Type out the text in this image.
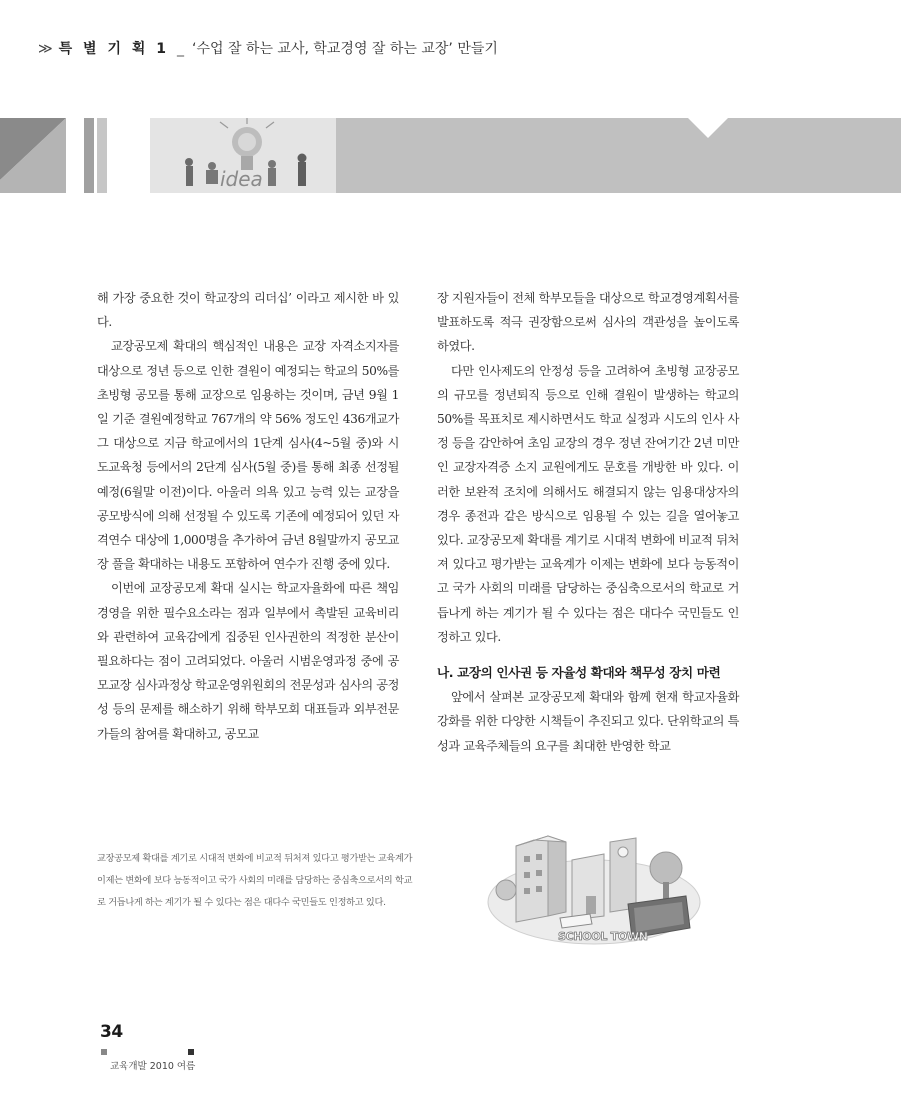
≫ 특 별 기 획 1 _ ‘수업 잘 하는 교사, 학교경영 잘 하는 교장’ 만들기
idea

해 가장 중요한 것이 학교장의 리더십’ 이라고 제시한 바 있다.

교장공모제 확대의 핵심적인 내용은 교장 자격소지자를 대상으로 정년 등으로 인한 결원이 예정되는 학교의 50%를 초빙형 공모를 통해 교장으로 임용하는 것이며, 금년 9월 1일 기준 결원예정학교 767개의 약 56% 정도인 436개교가 그 대상으로 지금 학교에서의 1단계 심사(4~5월 중)와 시도교육청 등에서의 2단계 심사(5월 중)를 통해 최종 선정될 예정(6월말 이전)이다. 아울러 의욕 있고 능력 있는 교장을 공모방식에 의해 선정될 수 있도록 기존에 예정되어 있던 자격연수 대상에 1,000명을 추가하여 금년 8월말까지 공모교장 풀을 확대하는 내용도 포함하여 연수가 진행 중에 있다.

이번에 교장공모제 확대 실시는 학교자율화에 따른 책임경영을 위한 필수요소라는 점과 일부에서 촉발된 교육비리와 관련하여 교육감에게 집중된 인사권한의 적정한 분산이 필요하다는 점이 고려되었다. 아울러 시범운영과정 중에 공모교장 심사과정상 학교운영위원회의 전문성과 심사의 공정성 등의 문제를 해소하기 위해 학부모회 대표들과 외부전문가들의 참여를 확대하고, 공모교

장 지원자들이 전체 학부모들을 대상으로 학교경영계획서를 발표하도록 적극 권장함으로써 심사의 객관성을 높이도록 하였다.

다만 인사제도의 안정성 등을 고려하여 초빙형 교장공모의 규모를 정년퇴직 등으로 인해 결원이 발생하는 학교의 50%를 목표치로 제시하면서도 학교 실정과 시도의 인사 사정 등을 감안하여 초임 교장의 경우 정년 잔여기간 2년 미만인 교장자격증 소지 교원에게도 문호를 개방한 바 있다. 이러한 보완적 조치에 의해서도 해결되지 않는 임용대상자의 경우 종전과 같은 방식으로 임용될 수 있는 길을 열어놓고 있다. 교장공모제 확대를 계기로 시대적 변화에 비교적 뒤처져 있다고 평가받는 교육계가 이제는 변화에 보다 능동적이고 국가 사회의 미래를 담당하는 중심축으로서의 학교로 거듭나게 하는 계기가 될 수 있다는 점은 대다수 국민들도 인정하고 있다.

나. 교장의 인사권 등 자율성 확대와 책무성 장치 마련

앞에서 살펴본 교장공모제 확대와 함께 현재 학교자율화 강화를 위한 다양한 시책들이 추진되고 있다. 단위학교의 특성과 교육주체들의 요구를 최대한 반영한 학교

교장공모제 확대를 계기로 시대적 변화에 비교적 뒤처져 있다고 평가받는 교육계가

이제는 변화에 보다 능동적이고 국가 사회의 미래를 담당하는 중심축으로서의 학교

로 거듭나게 하는 계기가 될 수 있다는 점은 대다수 국민들도 인정하고 있다.

SCHOOL TOWN
34
교육개발 2010 여름
